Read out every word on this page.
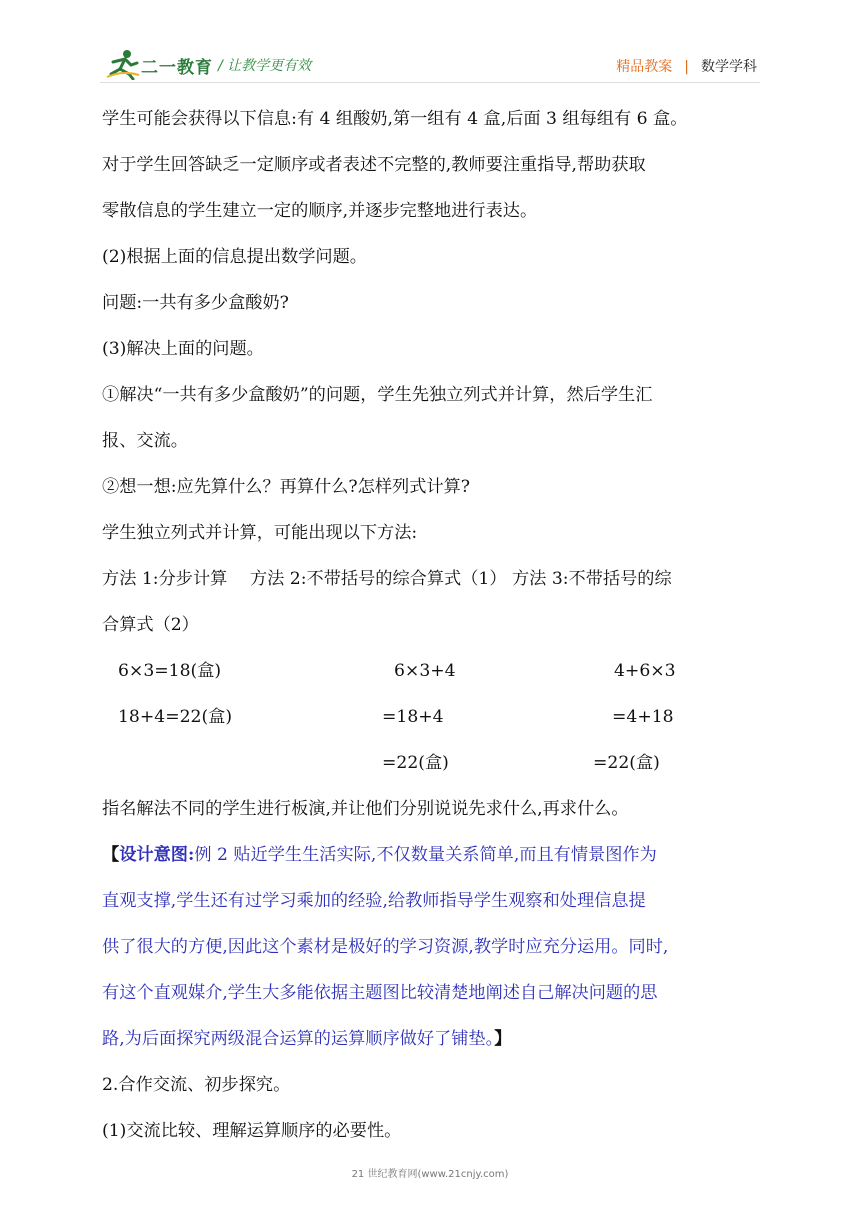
二一教育 / 让教学更有效	精品教案 | 数学学科

学生可能会获得以下信息:有 4 组酸奶,第一组有 4 盒,后面 3 组每组有 6 盒。

对于学生回答缺乏一定顺序或者表述不完整的,教师要注重指导,帮助获取

零散信息的学生建立一定的顺序,并逐步完整地进行表达。

(2)根据上面的信息提出数学问题。

问题:一共有多少盒酸奶?

(3)解决上面的问题。

①解决“一共有多少盒酸奶”的问题，学生先独立列式并计算，然后学生汇

报、交流。

②想一想:应先算什么？再算什么?怎样列式计算?

学生独立列式并计算，可能出现以下方法:

方法 1:分步计算　 方法 2:不带括号的综合算式（1） 方法 3:不带括号的综

合算式（2）

6×3=18(盒)
18+4=22(盒)
6×3+4
=18+4
=22(盒)
4+6×3
=4+18
=22(盒)

指名解法不同的学生进行板演,并让他们分别说说先求什么,再求什么。

【设计意图:例 2 贴近学生生活实际,不仅数量关系简单,而且有情景图作为

直观支撑,学生还有过学习乘加的经验,给教师指导学生观察和处理信息提

供了很大的方便,因此这个素材是极好的学习资源,教学时应充分运用。同时,

有这个直观媒介,学生大多能依据主题图比较清楚地阐述自己解决问题的思

路,为后面探究两级混合运算的运算顺序做好了铺垫。】

2.合作交流、初步探究。

(1)交流比较、理解运算顺序的必要性。

21 世纪教育网(www.21cnjy.com)
